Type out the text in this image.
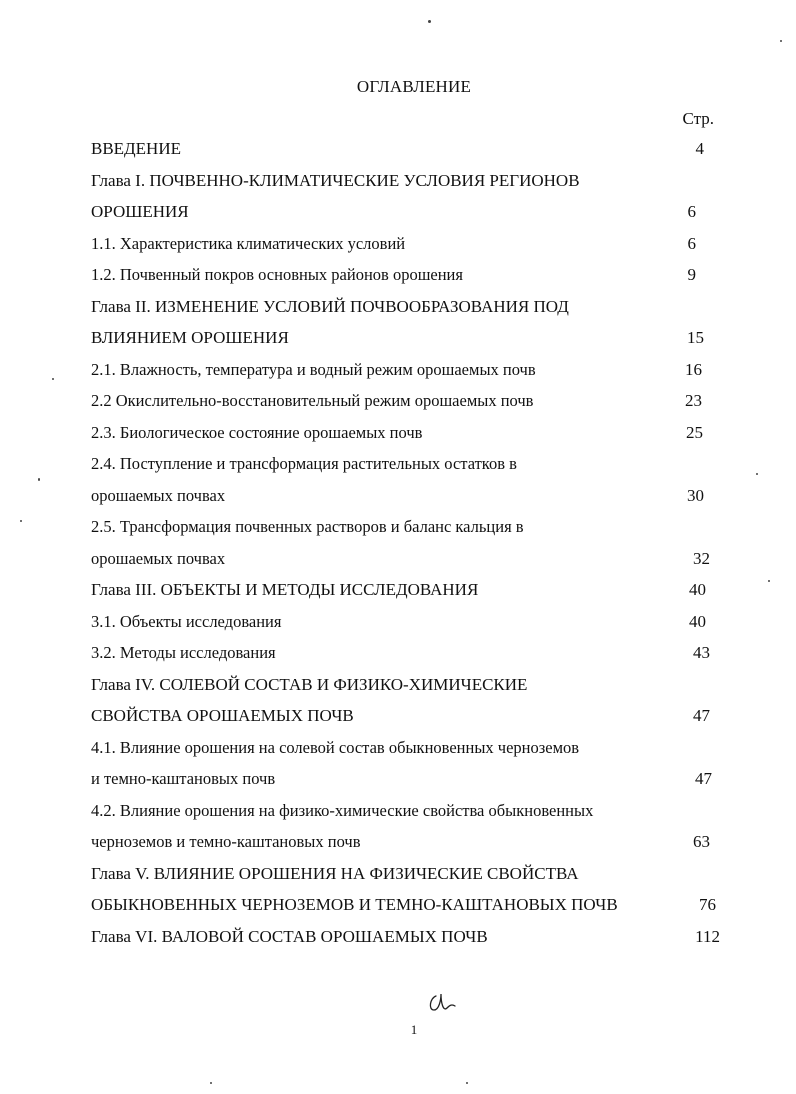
ОГЛАВЛЕНИЕ
Стр.
ВВЕДЕНИЕ	4
Глава I. ПОЧВЕННО-КЛИМАТИЧЕСКИЕ УСЛОВИЯ РЕГИОНОВ
ОРОШЕНИЯ	6
1.1. Характеристика климатических условий	6
1.2. Почвенный покров основных районов орошения	9
Глава II. ИЗМЕНЕНИЕ УСЛОВИЙ ПОЧВООБРАЗОВАНИЯ ПОД
ВЛИЯНИЕМ ОРОШЕНИЯ	15
2.1. Влажность, температура и водный режим орошаемых почв	16
2.2 Окислительно-восстановительный режим орошаемых почв	23
2.3. Биологическое состояние орошаемых почв	25
2.4. Поступление и трансформация растительных остатков в
орошаемых почвах	30
2.5. Трансформация почвенных растворов и баланс кальция в
орошаемых почвах	32
Глава III. ОБЪЕКТЫ И МЕТОДЫ ИССЛЕДОВАНИЯ	40
3.1. Объекты исследования	40
3.2. Методы исследования	43
Глава IV. СОЛЕВОЙ СОСТАВ И ФИЗИКО-ХИМИЧЕСКИЕ
СВОЙСТВА ОРОШАЕМЫХ ПОЧВ	47
4.1. Влияние орошения на солевой состав обыкновенных черноземов
и темно-каштановых почв	47
4.2. Влияние орошения на физико-химические свойства обыкновенных
черноземов и темно-каштановых почв	63
Глава V. ВЛИЯНИЕ ОРОШЕНИЯ НА ФИЗИЧЕСКИЕ СВОЙСТВА
ОБЫКНОВЕННЫХ ЧЕРНОЗЕМОВ И ТЕМНО-КАШТАНОВЫХ ПОЧВ	76
Глава VI. ВАЛОВОЙ СОСТАВ ОРОШАЕМЫХ ПОЧВ	112
1
